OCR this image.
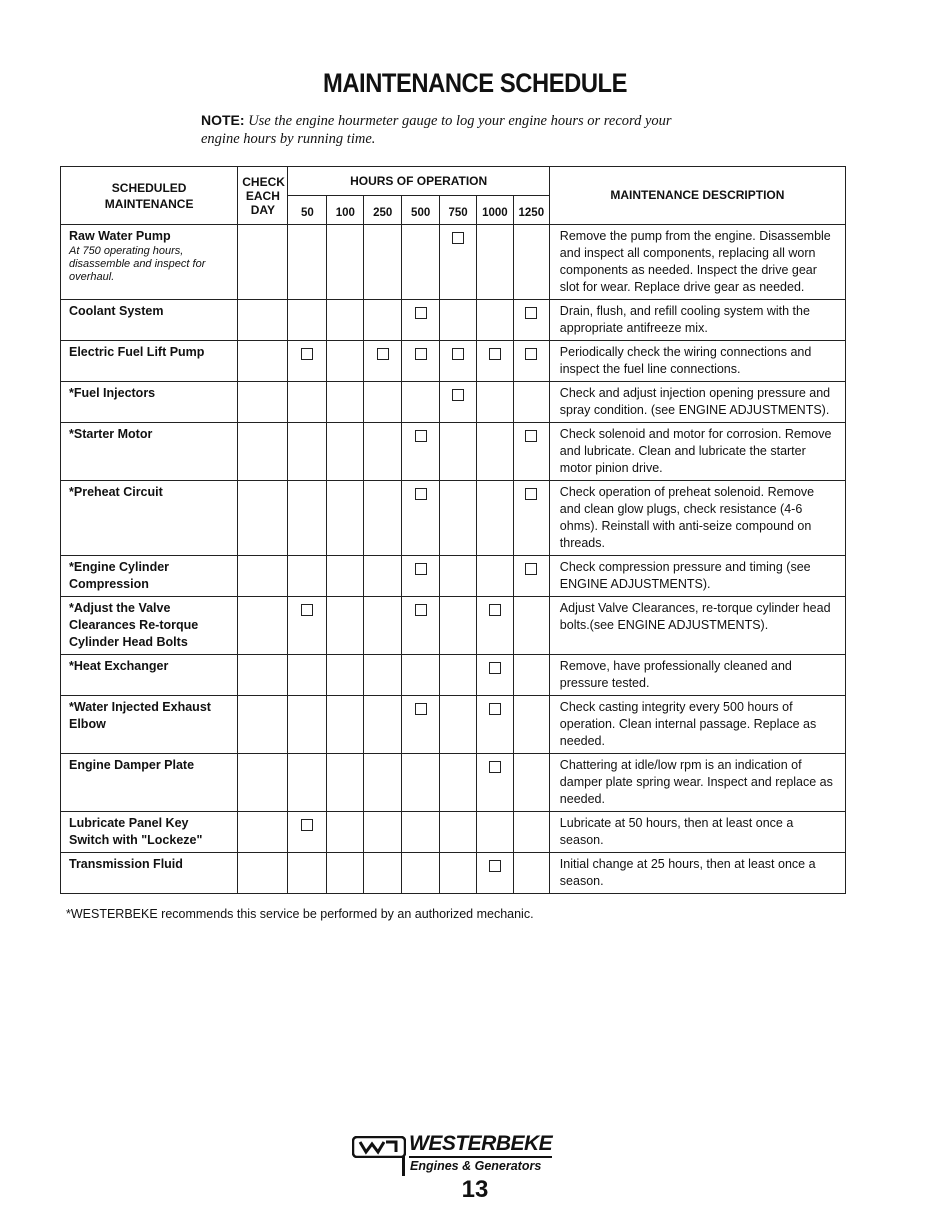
MAINTENANCE SCHEDULE
NOTE: Use the engine hourmeter gauge to log your engine hours or record your engine hours by running time.
SCHEDULED MAINTENANCE	CHECK EACH DAY	HOURS OF OPERATION							MAINTENANCE DESCRIPTION
		50	100	250	500	750	1000	1250	
Raw Water Pump
At 750 operating hours, disassemble and inspect for overhaul.									Remove the pump from the engine. Disassemble and inspect all components, replacing all worn components as needed. Inspect the drive gear slot for wear. Replace drive gear as needed.
Coolant System									Drain, flush, and refill cooling system with the appropriate antifreeze mix.
Electric Fuel Lift Pump									Periodically check the wiring connections and inspect the fuel line connections.
*Fuel Injectors									Check and adjust injection opening pressure and spray condition. (see ENGINE ADJUSTMENTS).
*Starter Motor									Check solenoid and motor for corrosion. Remove and lubricate. Clean and lubricate the starter motor pinion drive.
*Preheat Circuit									Check operation of preheat solenoid. Remove and clean glow plugs, check resistance (4-6 ohms). Reinstall with anti-seize compound on threads.
*Engine Cylinder Compression									Check compression pressure and timing (see ENGINE ADJUSTMENTS).
*Adjust the Valve Clearances Re-torque Cylinder Head Bolts									Adjust Valve Clearances, re-torque cylinder head bolts.(see ENGINE ADJUSTMENTS).
*Heat Exchanger									Remove, have professionally cleaned and pressure tested.
*Water Injected Exhaust Elbow									Check casting integrity every 500 hours of operation. Clean internal passage. Replace as needed.
Engine Damper Plate									Chattering at idle/low rpm is an indication of damper plate spring wear. Inspect and replace as needed.
Lubricate Panel Key Switch with "Lockeze"									Lubricate at 50 hours, then at least once a season.
Transmission Fluid									Initial change at 25 hours, then at least once a season.
*WESTERBEKE recommends this service be performed by an authorized mechanic.
WESTERBEKE
Engines & Generators
13
